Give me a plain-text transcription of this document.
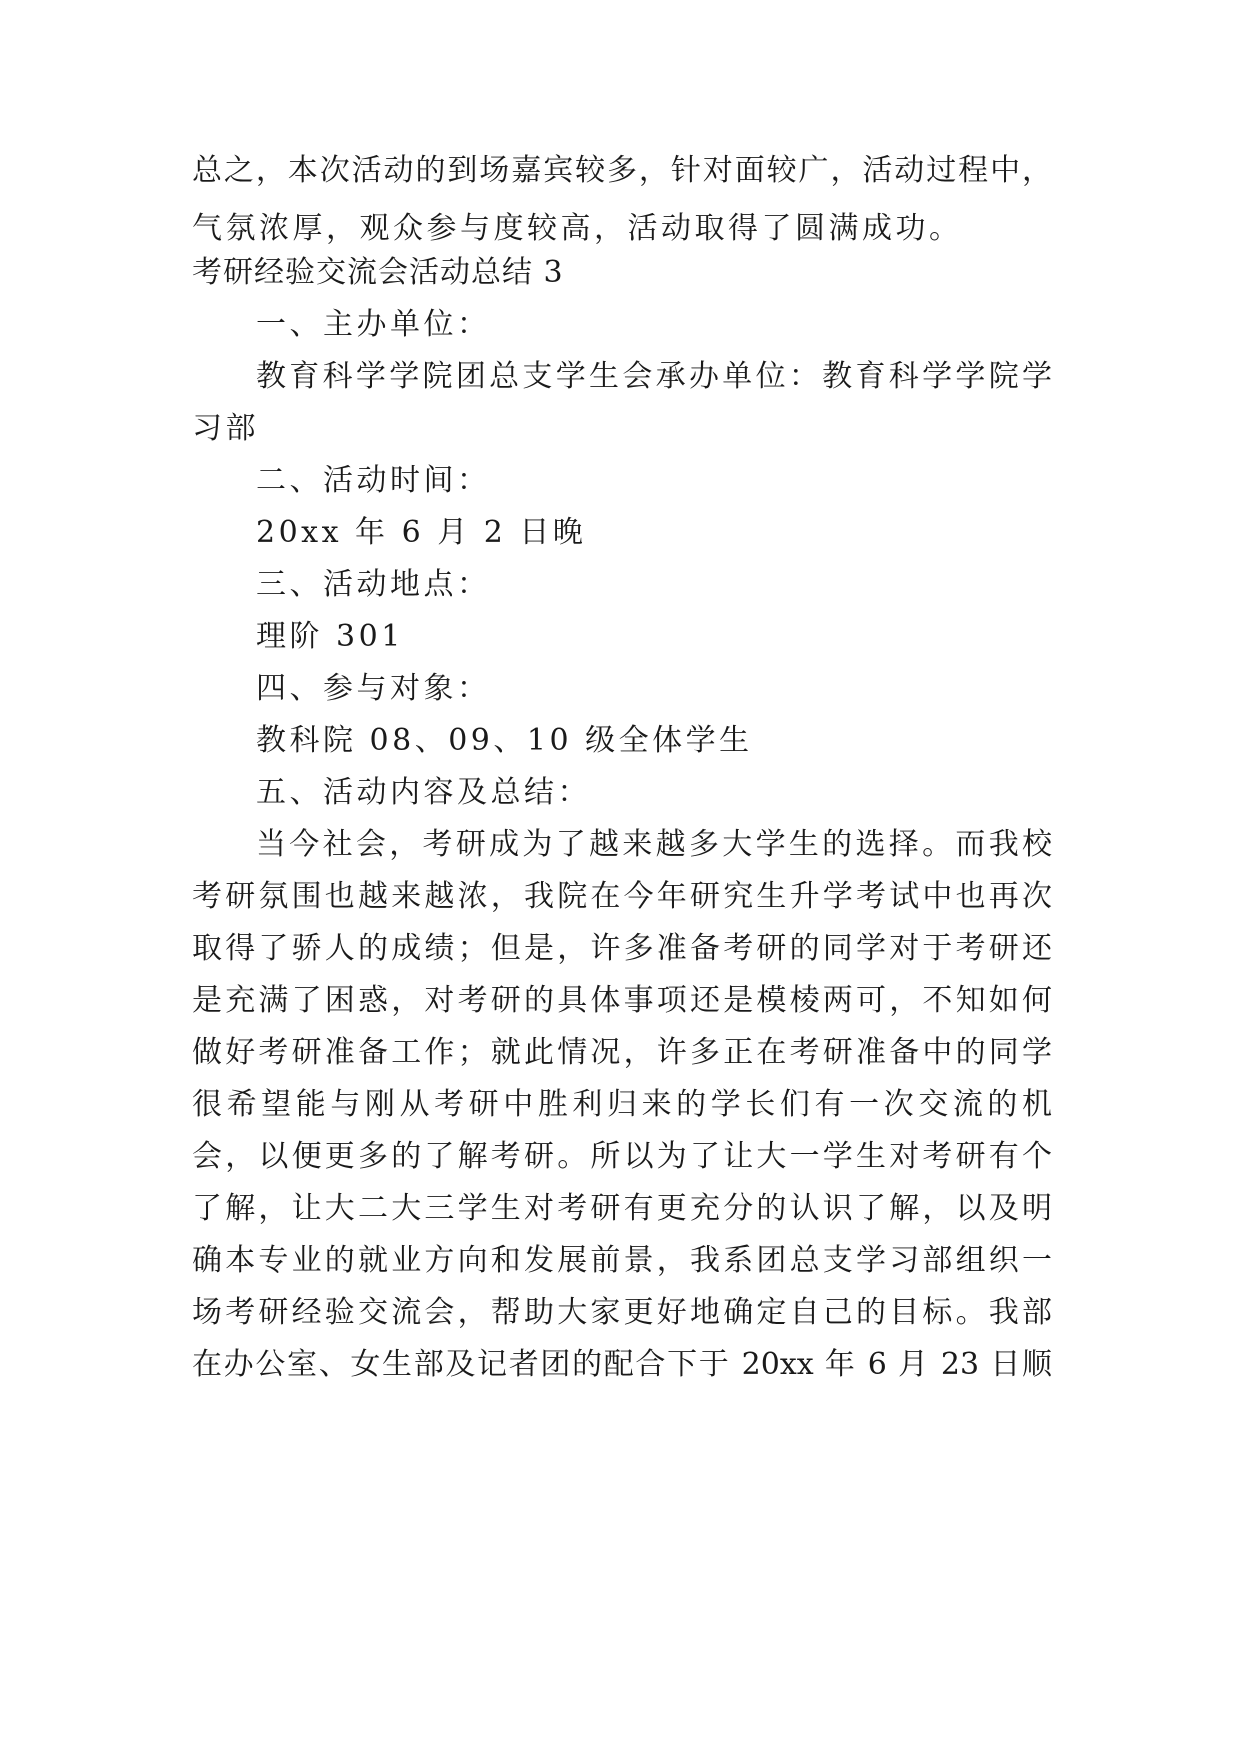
总之，本次活动的到场嘉宾较多，针对面较广，活动过程中，
气氛浓厚，观众参与度较高，活动取得了圆满成功。
考研经验交流会活动总结 3
一、主办单位：
教育科学学院团总支学生会承办单位：教育科学学院学
习部
二、活动时间：
20xx 年 6 月 2 日晚
三、活动地点：
理阶 301
四、参与对象：
教科院 08、09、10 级全体学生
五、活动内容及总结：
当今社会，考研成为了越来越多大学生的选择。而我校
考研氛围也越来越浓，我院在今年研究生升学考试中也再次
取得了骄人的成绩；但是，许多准备考研的同学对于考研还
是充满了困惑，对考研的具体事项还是模棱两可，不知如何
做好考研准备工作；就此情况，许多正在考研准备中的同学
很希望能与刚从考研中胜利归来的学长们有一次交流的机
会，以便更多的了解考研。所以为了让大一学生对考研有个
了解，让大二大三学生对考研有更充分的认识了解，以及明
确本专业的就业方向和发展前景，我系团总支学习部组织一
场考研经验交流会，帮助大家更好地确定自己的目标。我部
在办公室、女生部及记者团的配合下于 20xx 年 6 月 23 日顺
